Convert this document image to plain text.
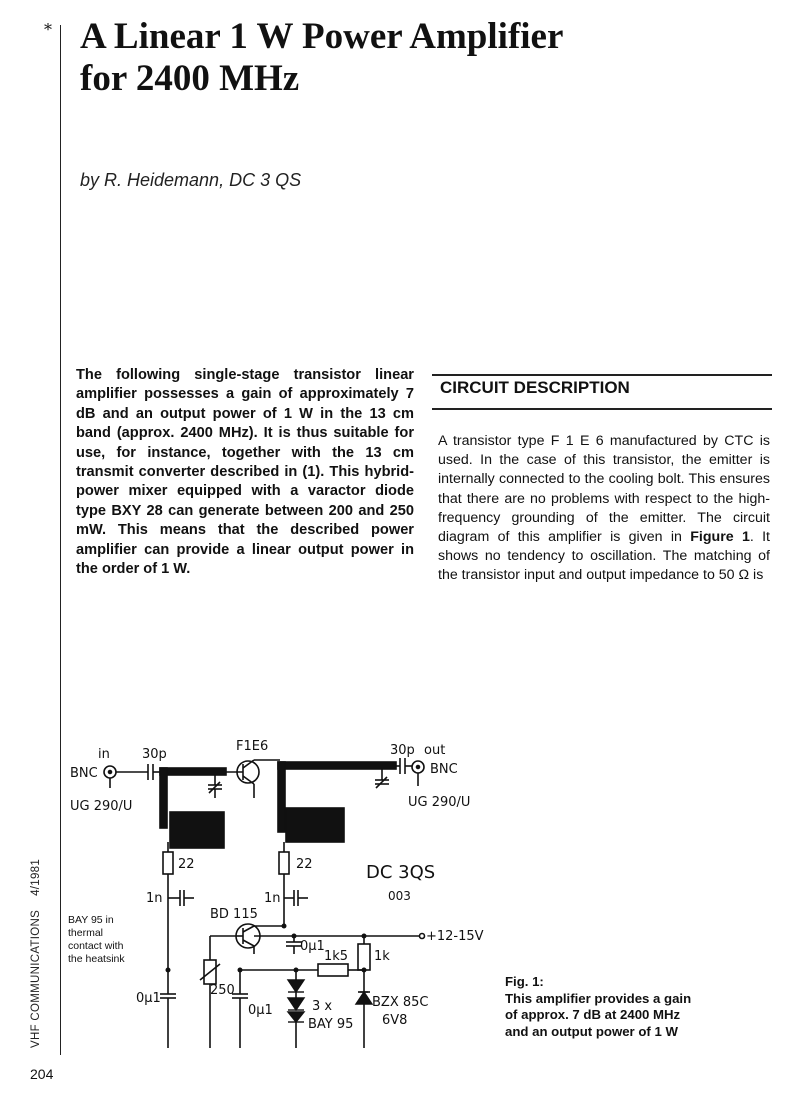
* A Linear 1 W Power Amplifier
for 2400 MHz
by R. Heidemann, DC 3 QS
The following single-stage transistor linear amplifier possesses a gain of approximately 7 dB and an output power of 1 W in the 13 cm band (approx. 2400 MHz). It is thus suitable for use, for instance, together with the 13 cm transmit converter described in (1). This hybrid-power mixer equipped with a varactor diode type BXY 28 can generate between 200 and 250 mW. This means that the described power amplifier can provide a linear output power in the order of 1 W.
CIRCUIT DESCRIPTION
A transistor type F 1 E 6 manufactured by CTC is used. In the case of this transistor, the emitter is internally connected to the cooling bolt. This ensures that there are no problems with respect to the high-frequency grounding of the emitter. The circuit diagram of this amplifier is given in Figure 1. It shows no tendency to oscillation. The matching of the transistor input and output impedance to 50 Ω is
in
BNC
UG 290/U
30p
F1E6	30p out
BNC
UG 290/U
22	22
1n	1n
BD 115
0µ1
+12-15V
1k5 1k
0µ1
250
0µ1	3 x
BAY 95
BZX 85C
6V8
DC 3QS
003
BAY 95 in thermal contact with the heatsink
Fig. 1:
This amplifier provides a gain of approx. 7 dB at 2400 MHz and an output power of 1 W
VHF COMMUNICATIONS4/1981
204
